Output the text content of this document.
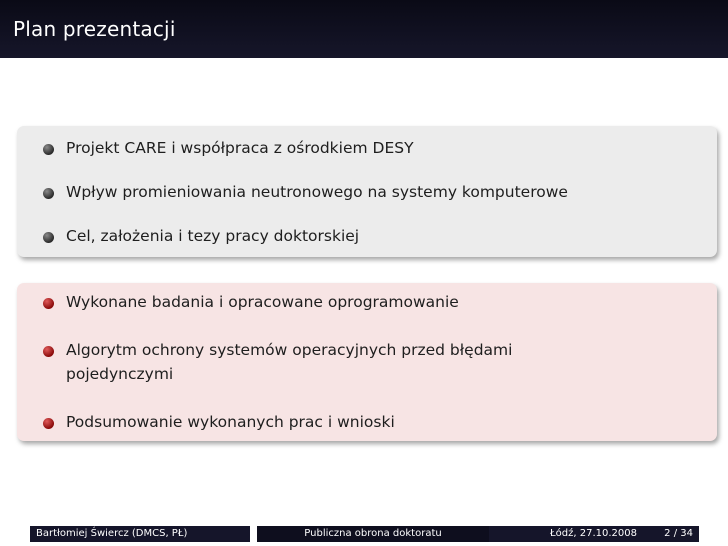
Plan prezentacji
Projekt CARE i współpraca z ośrodkiem DESY
Wpływ promieniowania neutronowego na systemy komputerowe
Cel, założenia i tezy pracy doktorskiej
Wykonane badania i opracowane oprogramowanie
Algorytm ochrony systemów operacyjnych przed błędami
pojedynczymi
Podsumowanie wykonanych prac i wnioski
Bartłomiej Świercz (DMCS, PŁ)	Publiczna obrona doktoratu	Łódź, 27.10.2008	2 / 34
